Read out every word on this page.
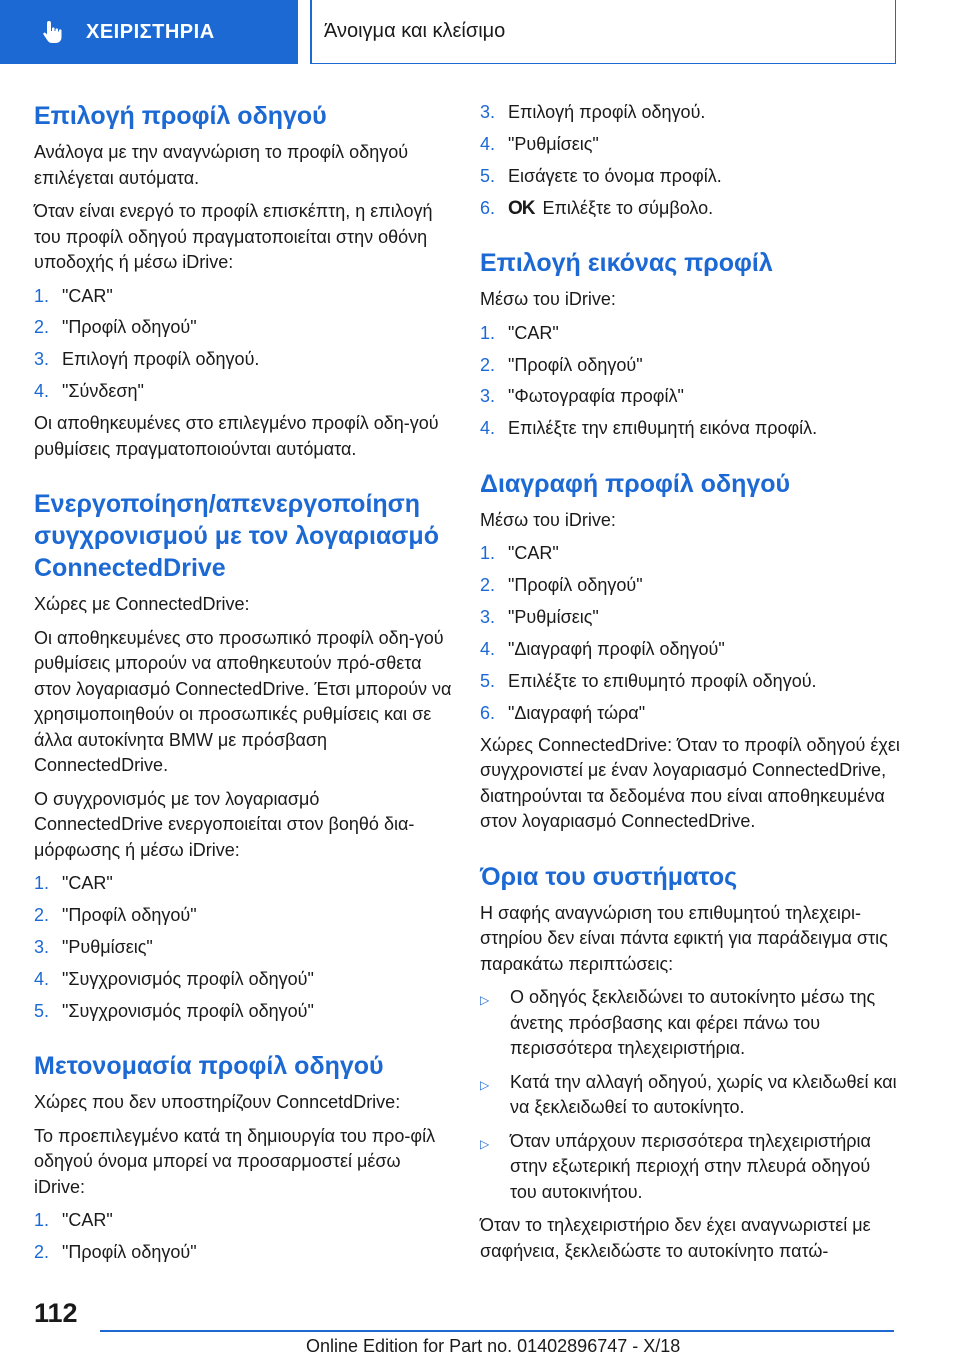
ΧΕΙΡΙΣΤΗΡΙΑ	Άνοιγμα και κλείσιμο
Επιλογή προφίλ οδηγού

Ανάλογα με την αναγνώριση το προφίλ οδηγού επιλέγεται αυτόματα.

Όταν είναι ενεργό το προφίλ επισκέπτη, η επιλογή του προφίλ οδηγού πραγματοποιείται στην οθόνη υποδοχής ή μέσω iDrive:

1. "CAR"
2. "Προφίλ οδηγού"
3. Επιλογή προφίλ οδηγού.
4. "Σύνδεση"

Οι αποθηκευμένες στο επιλεγμένο προφίλ οδη-γού ρυθμίσεις πραγματοποιούνται αυτόματα.

Ενεργοποίηση/απενεργοποίηση συγχρονισμού με τον λογαριασμό ConnectedDrive

Χώρες με ConnectedDrive:

Οι αποθηκευμένες στο προσωπικό προφίλ οδη-γού ρυθμίσεις μπορούν να αποθηκευτούν πρό-σθετα στον λογαριασμό ConnectedDrive. Έτσι μπορούν να χρησιμοποιηθούν οι προσωπικές ρυθμίσεις και σε άλλα αυτοκίνητα BMW με πρόσβαση ConnectedDrive.

Ο συγχρονισμός με τον λογαριασμό ConnectedDrive ενεργοποιείται στον βοηθό δια-μόρφωσης ή μέσω iDrive:

1. "CAR"
2. "Προφίλ οδηγού"
3. "Ρυθμίσεις"
4. "Συγχρονισμός προφίλ οδηγού"
5. "Συγχρονισμός προφίλ οδηγού"
Μετονομασία προφίλ οδηγού

Χώρες που δεν υποστηρίζουν ConncetdDrive:

Το προεπιλεγμένο κατά τη δημιουργία του προ-φίλ οδηγού όνομα μπορεί να προσαρμοστεί μέσω iDrive:

1. "CAR"
2. "Προφίλ οδηγού"
3. Επιλογή προφίλ οδηγού.
4. "Ρυθμίσεις"
5. Εισάγετε το όνομα προφίλ.
6. OK Επιλέξτε το σύμβολο.
Επιλογή εικόνας προφίλ

Μέσω του iDrive:

1. "CAR"
2. "Προφίλ οδηγού"
3. "Φωτογραφία προφίλ"
4. Επιλέξτε την επιθυμητή εικόνα προφίλ.
Διαγραφή προφίλ οδηγού

Μέσω του iDrive:

1. "CAR"
2. "Προφίλ οδηγού"
3. "Ρυθμίσεις"
4. "Διαγραφή προφίλ οδηγού"
5. Επιλέξτε το επιθυμητό προφίλ οδηγού.
6. "Διαγραφή τώρα"

Χώρες ConnectedDrive: Όταν το προφίλ οδηγού έχει συγχρονιστεί με έναν λογαριασμό ConnectedDrive, διατηρούνται τα δεδομένα που είναι αποθηκευμένα στον λογαριασμό ConnectedDrive.

Όρια του συστήματος

Η σαφής αναγνώριση του επιθυμητού τηλεχειρι-στηρίου δεν είναι πάντα εφικτή για παράδειγμα στις παρακάτω περιπτώσεις:

▷	Ο οδηγός ξεκλειδώνει το αυτοκίνητο μέσω της άνετης πρόσβασης και φέρει πάνω του περισσότερα τηλεχειριστήρια.
▷	Κατά την αλλαγή οδηγού, χωρίς να κλειδωθεί και να ξεκλειδωθεί το αυτοκίνητο.
▷	Όταν υπάρχουν περισσότερα τηλεχειριστήρια στην εξωτερική περιοχή στην πλευρά οδηγού του αυτοκινήτου.

Όταν το τηλεχειριστήριο δεν έχει αναγνωριστεί με σαφήνεια, ξεκλειδώστε το αυτοκίνητο πατώ-

112
Online Edition for Part no. 01402896747 - X/18
